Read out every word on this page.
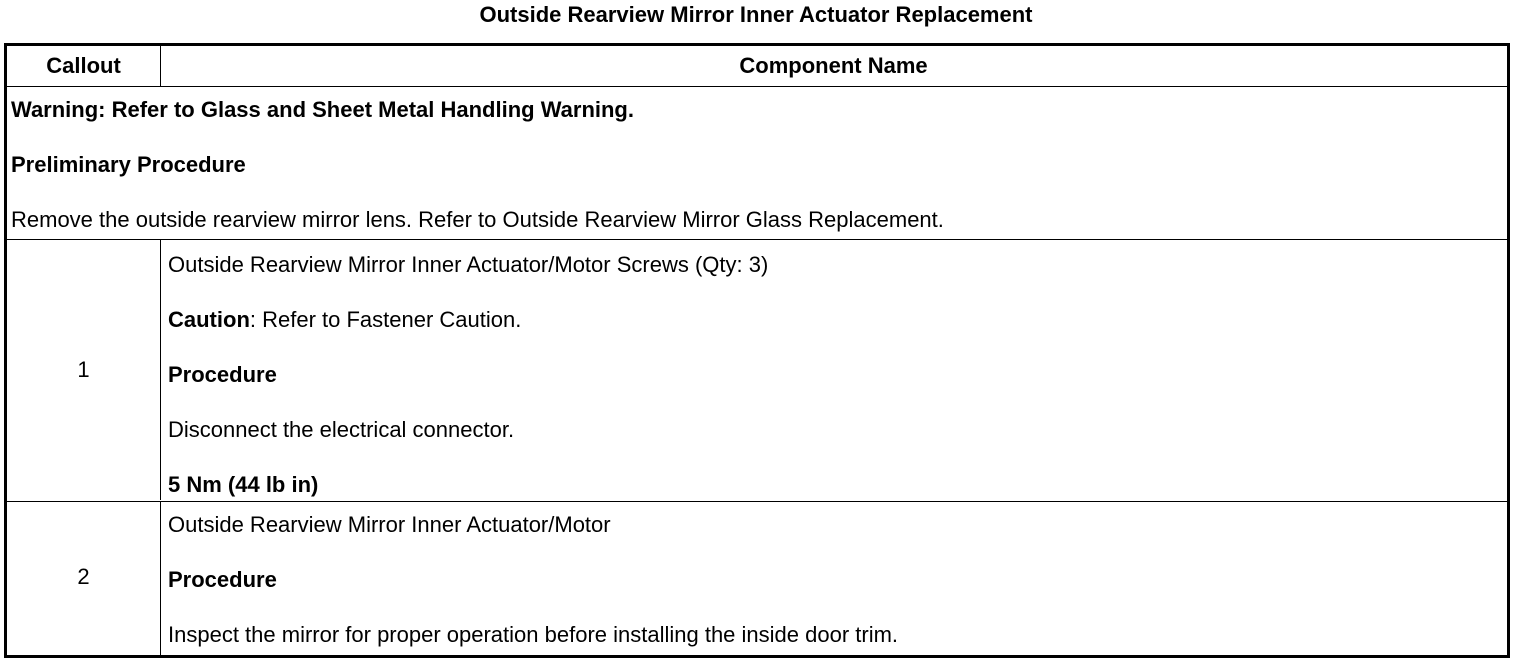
Outside Rearview Mirror Inner Actuator Replacement
Callout	Component Name
Warning: Refer to Glass and Sheet Metal Handling Warning.
Preliminary Procedure
Remove the outside rearview mirror lens. Refer to Outside Rearview Mirror Glass Replacement.
1
Outside Rearview Mirror Inner Actuator/Motor Screws (Qty: 3)
Caution: Refer to Fastener Caution.
Procedure
Disconnect the electrical connector.
5 Nm (44 lb in)
2
Outside Rearview Mirror Inner Actuator/Motor
Procedure
Inspect the mirror for proper operation before installing the inside door trim.
